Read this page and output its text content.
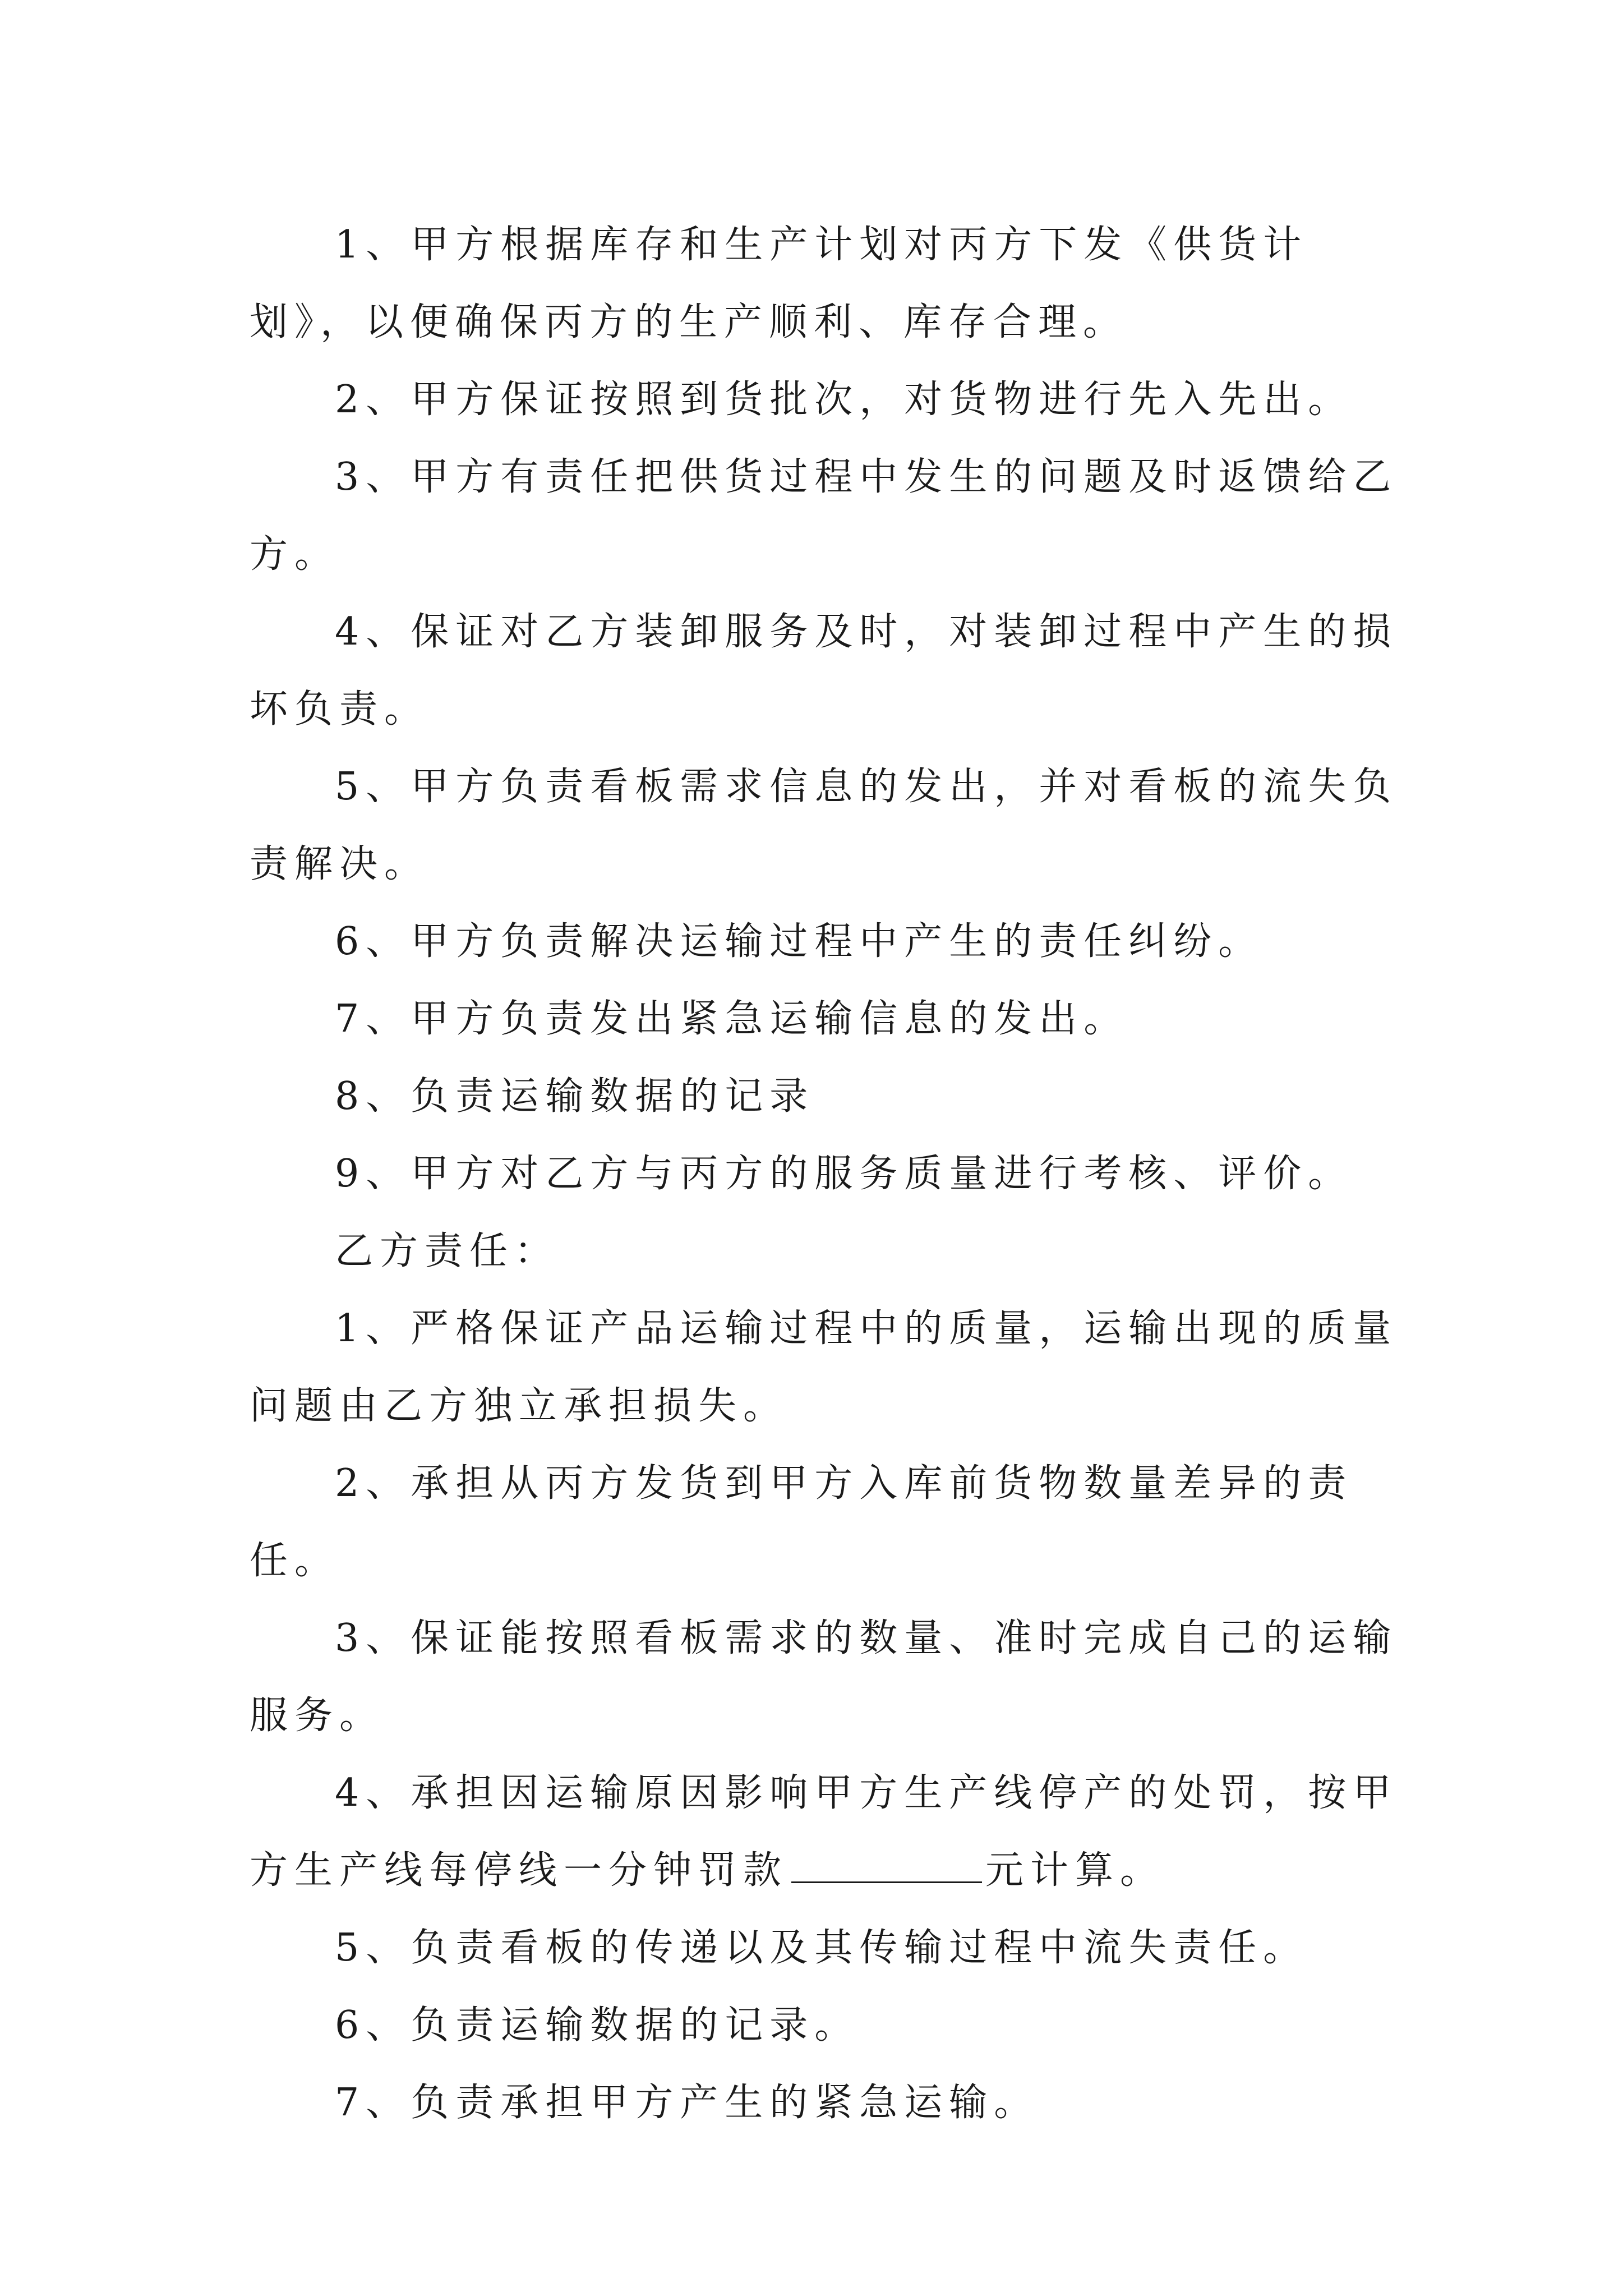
1、甲方根据库存和生产计划对丙方下发《供货计划》，以便确保丙方的生产顺利、库存合理。

2、甲方保证按照到货批次，对货物进行先入先出。

3、甲方有责任把供货过程中发生的问题及时返馈给乙方。

4、保证对乙方装卸服务及时，对装卸过程中产生的损坏负责。

5、甲方负责看板需求信息的发出，并对看板的流失负责解决。

6、甲方负责解决运输过程中产生的责任纠纷。

7、甲方负责发出紧急运输信息的发出。

8、负责运输数据的记录

9、甲方对乙方与丙方的服务质量进行考核、评价。

乙方责任：

1、严格保证产品运输过程中的质量，运输出现的质量问题由乙方独立承担损失。

2、承担从丙方发货到甲方入库前货物数量差异的责任。

3、保证能按照看板需求的数量、准时完成自己的运输服务。

4、承担因运输原因影响甲方生产线停产的处罚，按甲方生产线每停线一分钟罚款	元计算。

5、负责看板的传递以及其传输过程中流失责任。

6、负责运输数据的记录。

7、负责承担甲方产生的紧急运输。
